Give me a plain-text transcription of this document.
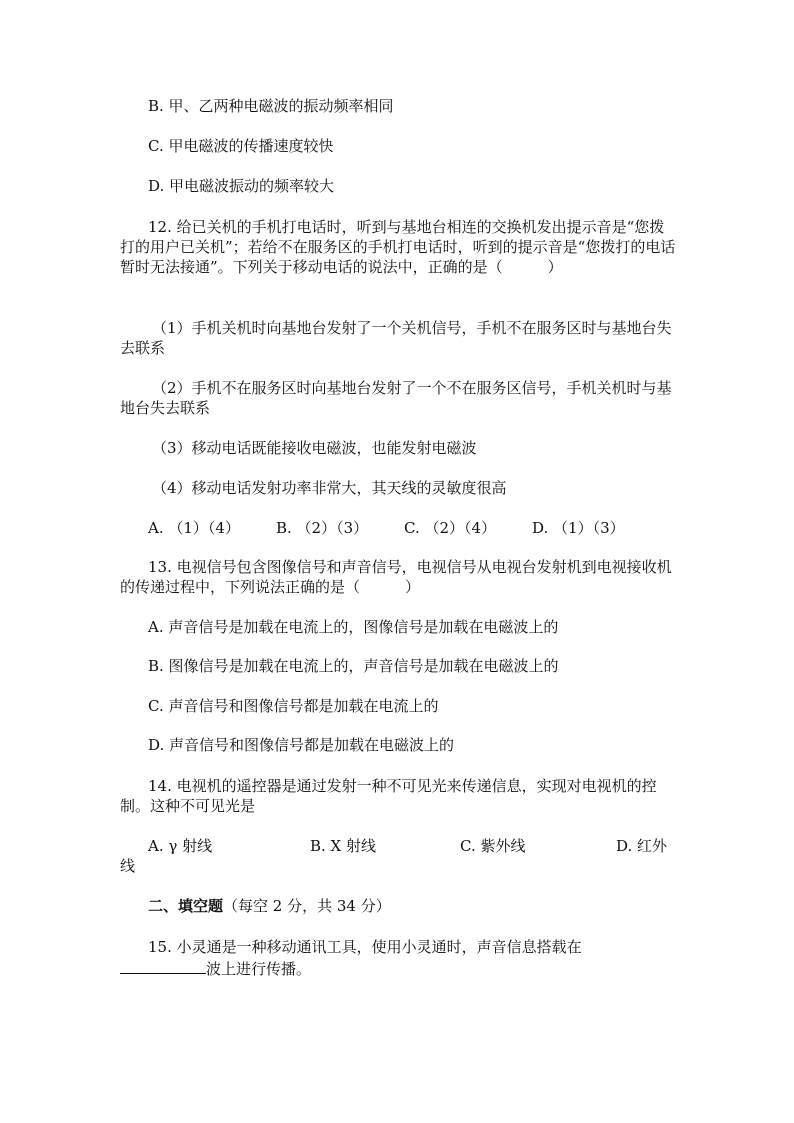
B. 甲、乙两种电磁波的振动频率相同
C. 甲电磁波的传播速度较快
D. 甲电磁波振动的频率较大
12. 给已关机的手机打电话时，听到与基地台相连的交换机发出提示音是“您拨打的用户已关机”；若给不在服务区的手机打电话时，听到的提示音是“您拨打的电话暂时无法接通”。下列关于移动电话的说法中，正确的是（　　　）
（1）手机关机时向基地台发射了一个关机信号，手机不在服务区时与基地台失去联系
（2）手机不在服务区时向基地台发射了一个不在服务区信号，手机关机时与基地台失去联系
（3）移动电话既能接收电磁波，也能发射电磁波
（4）移动电话发射功率非常大，其天线的灵敏度很高
A. （1）（4） B. （2）（3） C. （2）（4） D. （1）（3）
13. 电视信号包含图像信号和声音信号，电视信号从电视台发射机到电视接收机的传递过程中，下列说法正确的是（　　　）
A. 声音信号是加载在电流上的，图像信号是加载在电磁波上的
B. 图像信号是加载在电流上的，声音信号是加载在电磁波上的
C. 声音信号和图像信号都是加载在电流上的
D. 声音信号和图像信号都是加载在电磁波上的
14. 电视机的遥控器是通过发射一种不可见光来传递信息，实现对电视机的控制。这种不可见光是
A. γ 射线	B. X 射线	C. 紫外线	D. 红外
线
二、填空题（每空 2 分，共 34 分）
15. 小灵通是一种移动通讯工具，使用小灵通时，声音信息搭载在
波上进行传播。
